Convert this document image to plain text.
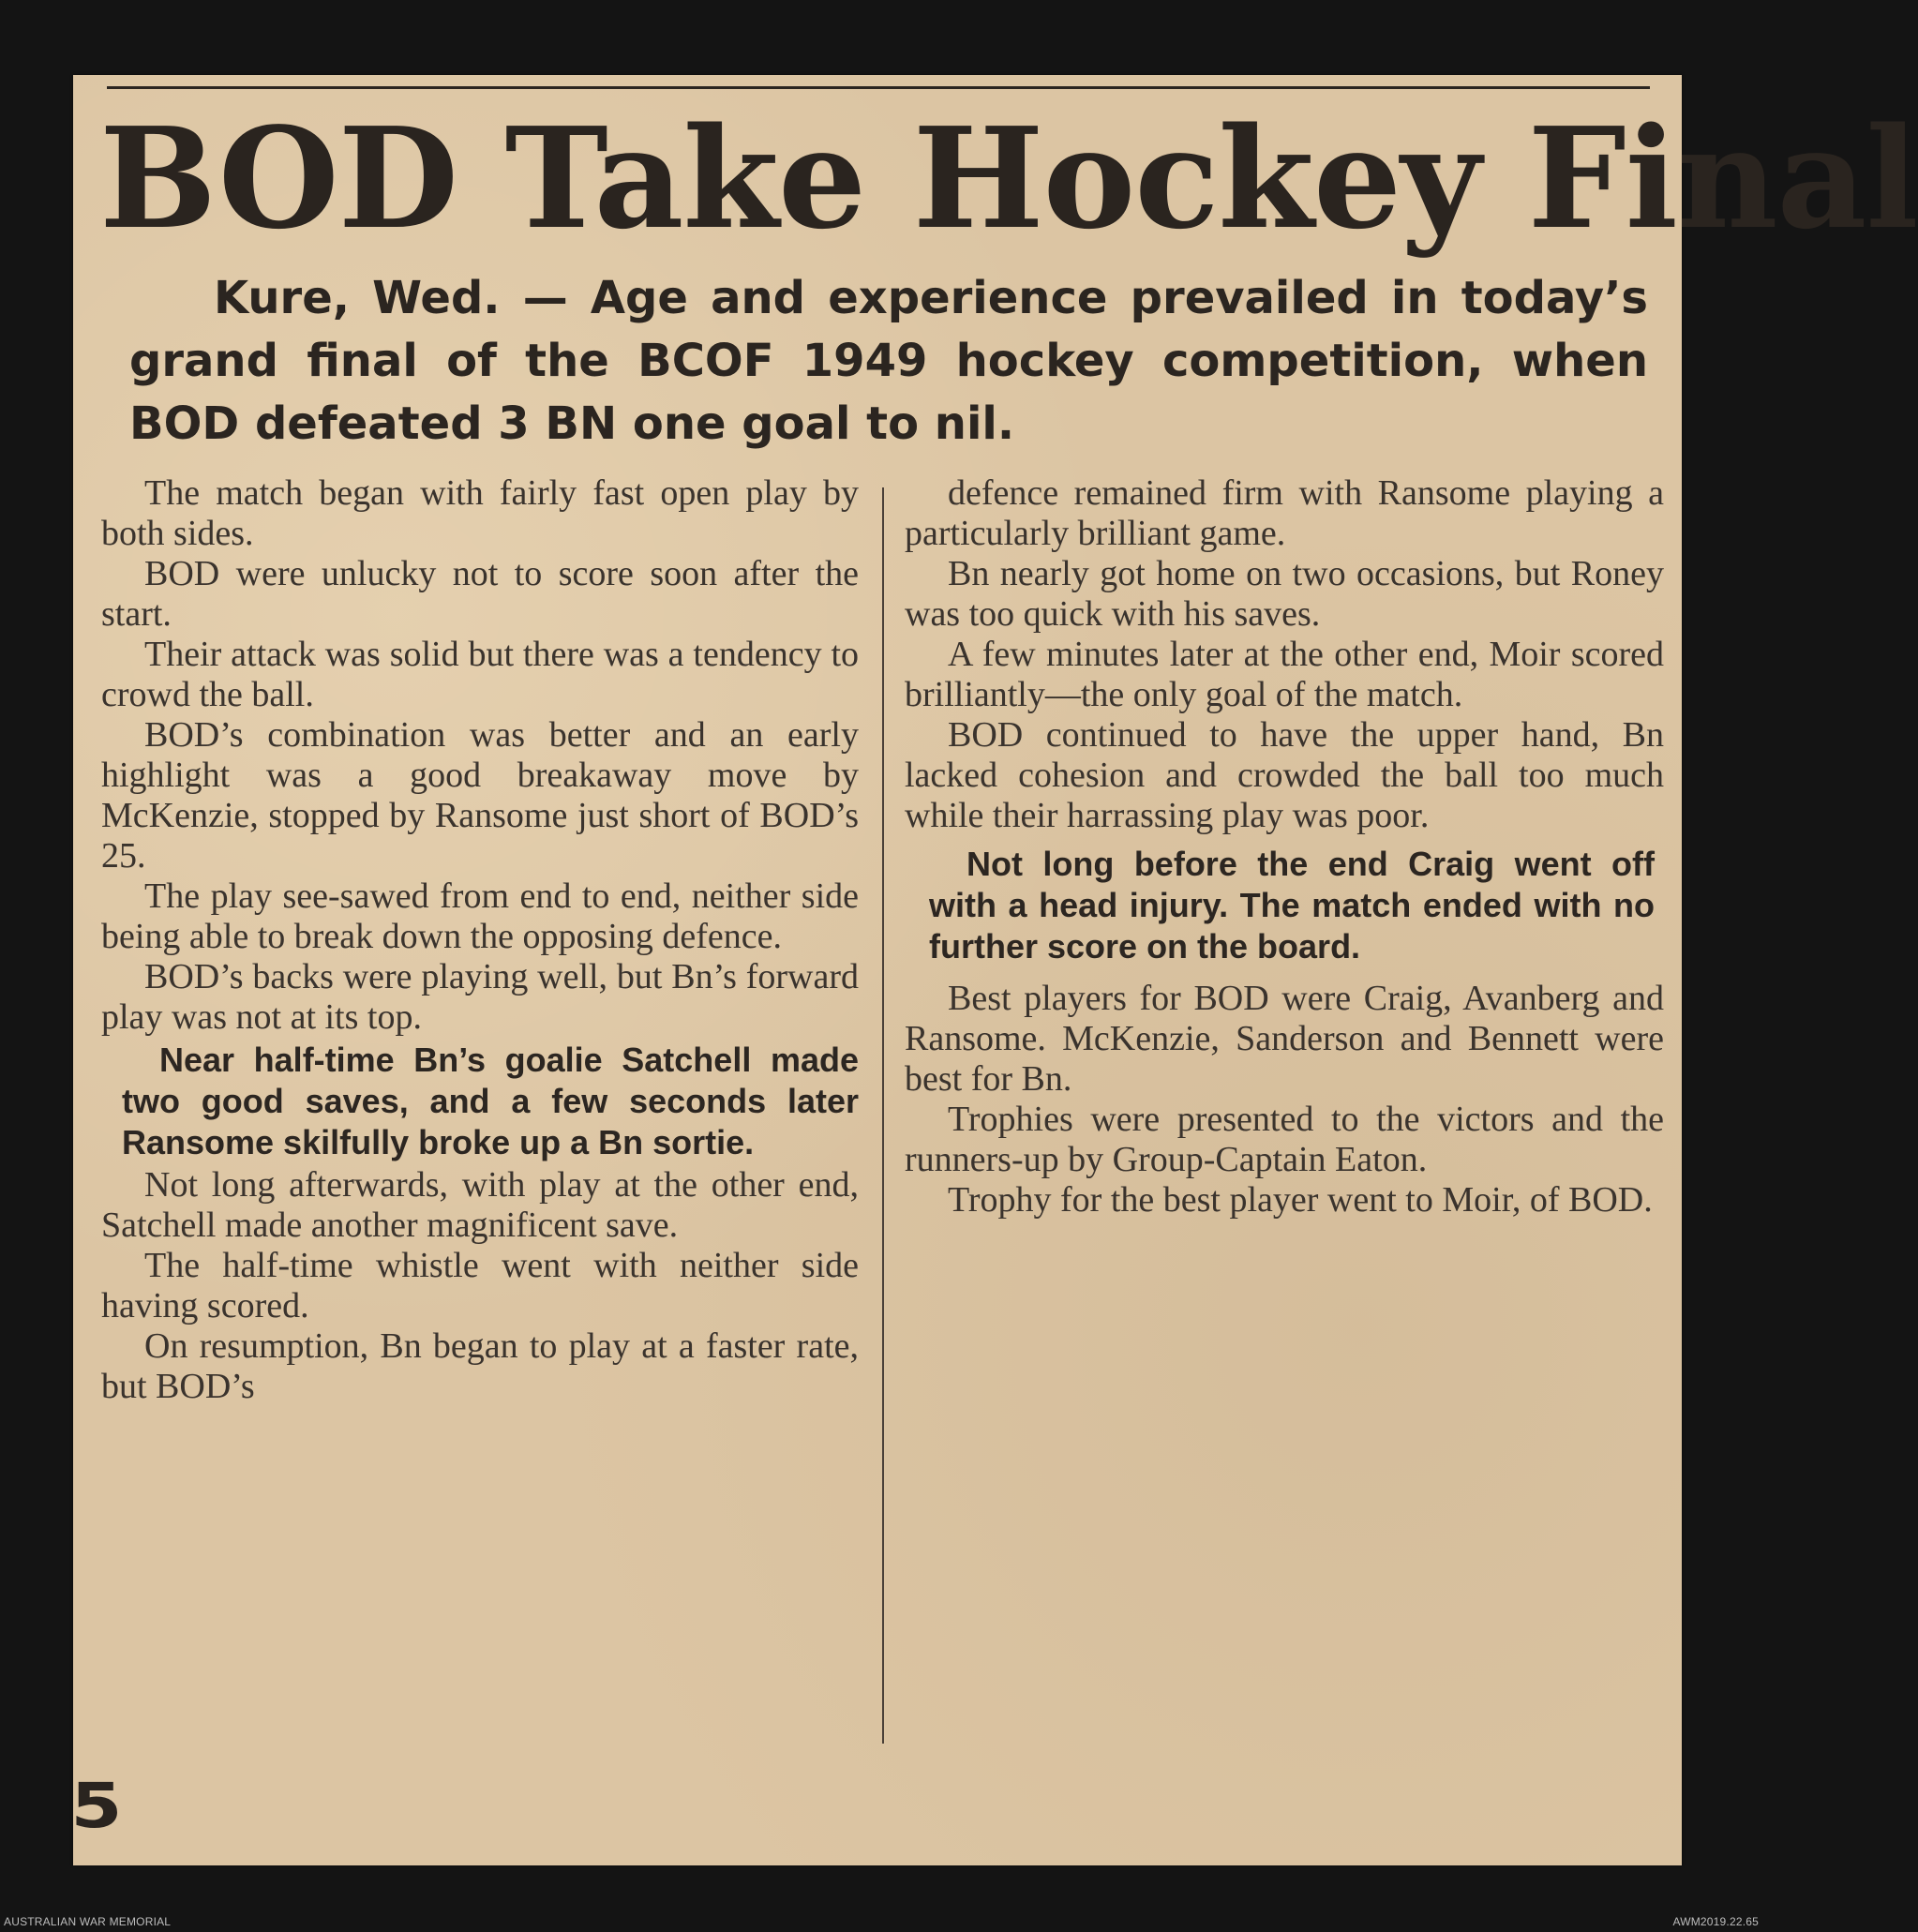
BOD Take Hockey Final

Kure, Wed. — Age and experience prevailed in today’s grand final of the BCOF 1949 hockey competition, when BOD defeated 3 BN one goal to nil.

The match began with fairly fast open play by both sides.

BOD were unlucky not to score soon after the start.

Their attack was solid but there was a tendency to crowd the ball.

BOD’s combination was better and an early highlight was a good breakaway move by McKenzie, stopped by Ransome just short of BOD’s 25.

The play see-sawed from end to end, neither side being able to break down the opposing defence.

BOD’s backs were playing well, but Bn’s forward play was not at its top.

Near half-time Bn’s goalie Satchell made two good saves, and a few seconds later Ransome skilfully broke up a Bn sortie.

Not long afterwards, with play at the other end, Satchell made another magnificent save.

The half-time whistle went with neither side having scored.

On resumption, Bn began to play at a faster rate, but BOD’s

defence remained firm with Ransome playing a particularly brilliant game.

Bn nearly got home on two occasions, but Roney was too quick with his saves.

A few minutes later at the other end, Moir scored brilliantly—the only goal of the match.

BOD continued to have the upper hand, Bn lacked cohesion and crowded the ball too much while their harrassing play was poor.

Not long before the end Craig went off with a head injury. The match ended with no further score on the board.

Best players for BOD were Craig, Avanberg and Ransome. McKenzie, Sanderson and Bennett were best for Bn.

Trophies were presented to the victors and the runners-up by Group-Captain Eaton.

Trophy for the best player went to Moir, of BOD.

5
AUSTRALIAN WAR MEMORIAL	AWM2019.22.65
